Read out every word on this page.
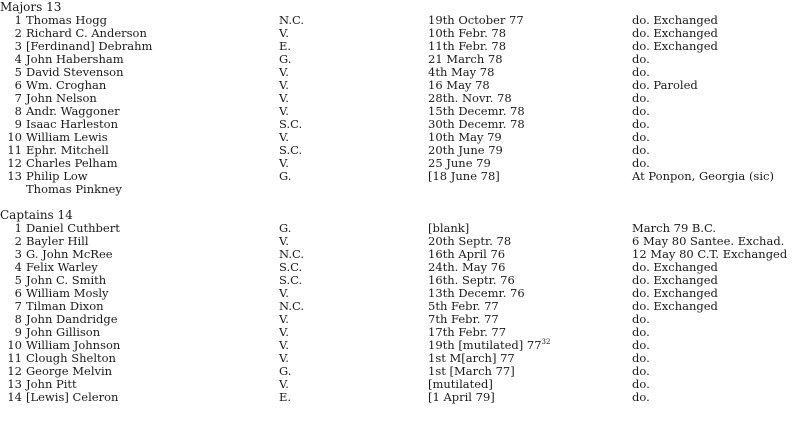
Majors 13
1 Thomas Hogg	N.C.	19th October 77	do. Exchanged
2 Richard C. Anderson	V.	10th Febr. 78	do. Exchanged
3 [Ferdinand] Debrahm	E.	11th Febr. 78	do. Exchanged
4 John Habersham	G.	21 March 78	do.
5 David Stevenson	V.	4th May 78	do.
6 Wm. Croghan	V.	16 May 78	do. Paroled
7 John Nelson	V.	28th. Novr. 78	do.
8 Andr. Waggoner	V.	15th Decemr. 78	do.
9 Isaac Harleston	S.C.	30th Decemr. 78	do.
10 William Lewis	V.	10th May 79	do.
11 Ephr. Mitchell	S.C.	20th June 79	do.
12 Charles Pelham	V.	25 June 79	do.
13 Philip Low	G.	[18 June 78]	At Ponpon, Georgia (sic)
Thomas Pinkney
Captains 14
1 Daniel Cuthbert	G.	[blank]	March 79 B.C.
2 Bayler Hill	V.	20th Septr. 78	6 May 80 Santee. Exchad.
3 G. John McRee	N.C.	16th April 76	12 May 80 C.T. Exchanged
4 Felix Warley	S.C.	24th. May 76	do. Exchanged
5 John C. Smith	S.C.	16th. Septr. 76	do. Exchanged
6 William Mosly	V.	13th Decemr. 76	do. Exchanged
7 Tilman Dixon	N.C.	5th Febr. 77	do. Exchanged
8 John Dandridge	V.	7th Febr. 77	do.
9 John Gillison	V.	17th Febr. 77	do.
10 William Johnson	V.	19th [mutilated] $77^{32}$	do.
11 Clough Shelton	V.	1st M[arch] 77	do.
12 George Melvin	G.	1st [March 77]	do.
13 John Pitt	V.	[mutilated]	do.
14 [Lewis] Celeron	E.	[1 April 79]	do.
